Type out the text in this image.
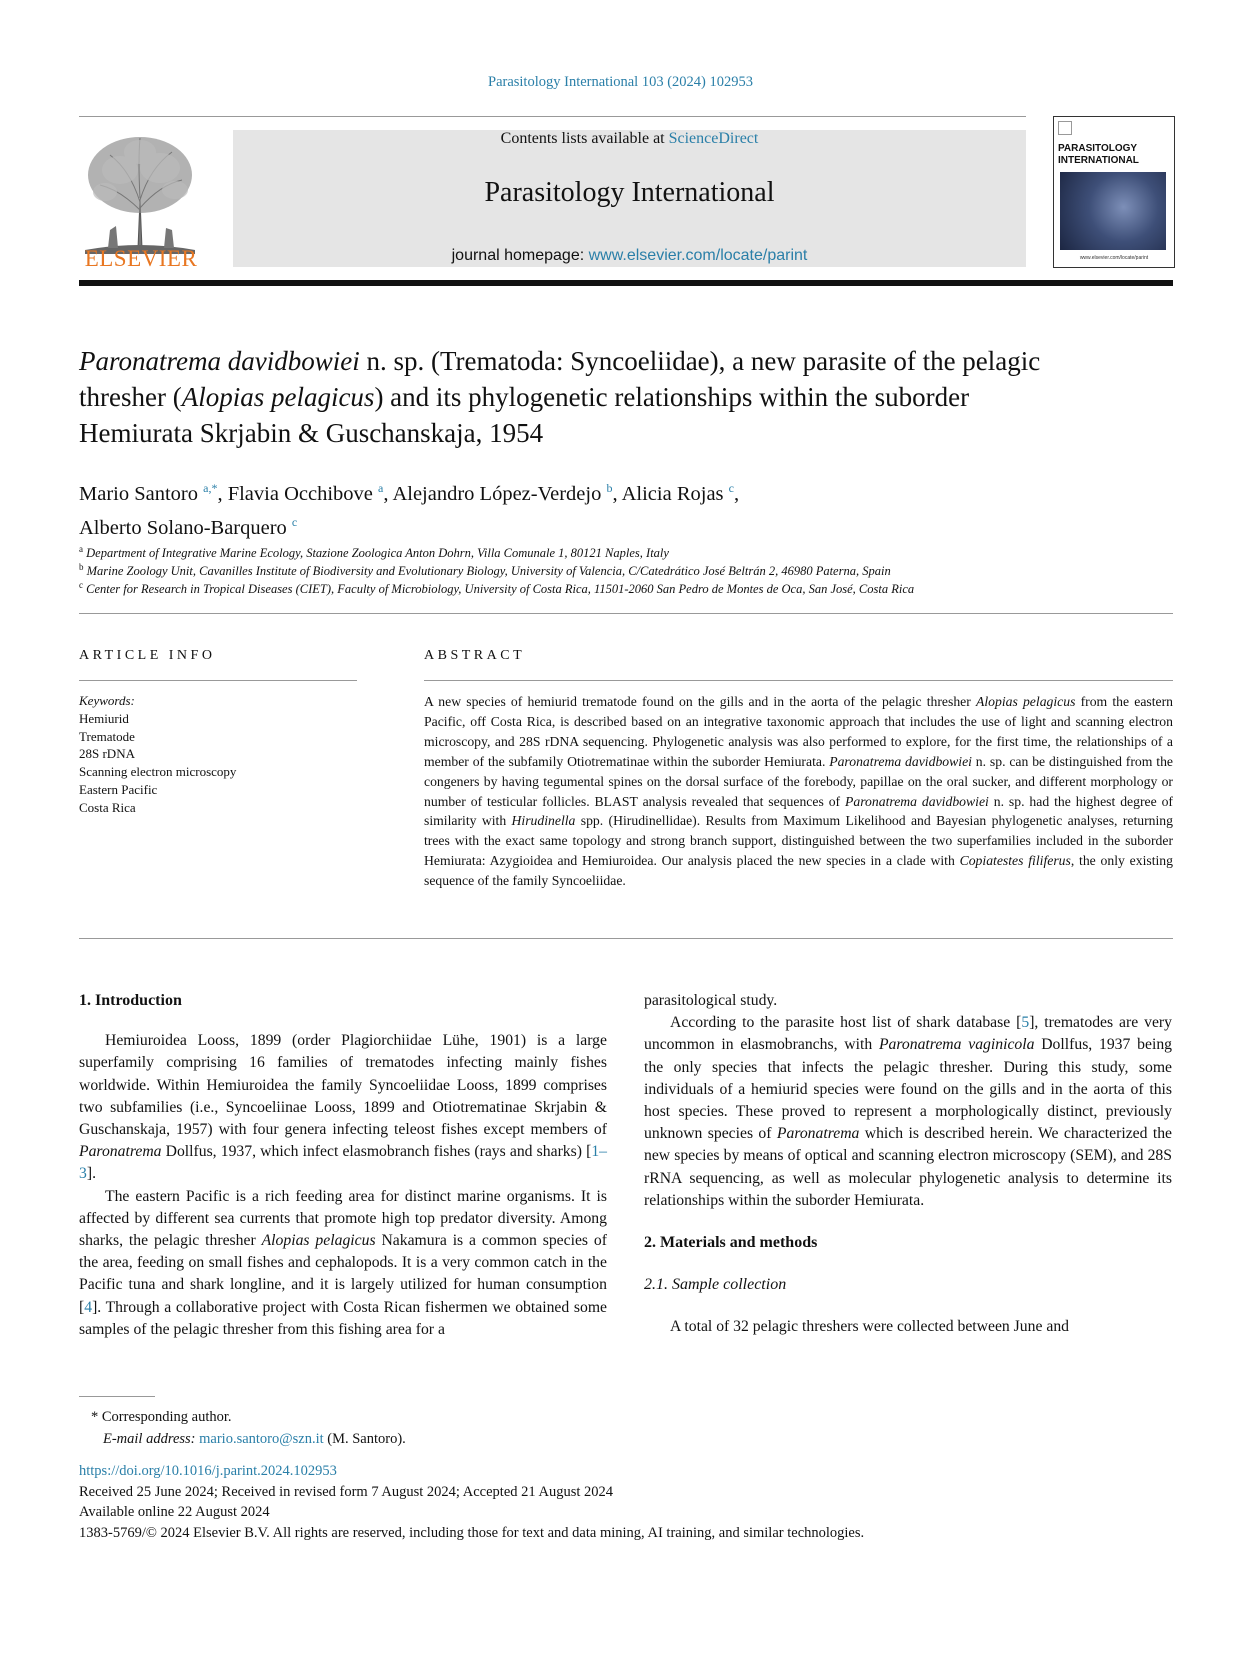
Parasitology International 103 (2024) 102953
ELSEVIER
Contents lists available at ScienceDirect
Parasitology International
journal homepage: www.elsevier.com/locate/parint
PARASITOLOGY
INTERNATIONAL
www.elsevier.com/locate/parint
Paronatrema davidbowiei n. sp. (Trematoda: Syncoeliidae), a new parasite of the pelagic thresher (Alopias pelagicus) and its phylogenetic relationships within the suborder Hemiurata Skrjabin & Guschanskaja, 1954
Mario Santoro $^{a,*}$, Flavia Occhibove $^a$, Alejandro López-Verdejo $^b$, Alicia Rojas $^c$,
Alberto Solano-Barquero $^c$
$^a$ Department of Integrative Marine Ecology, Stazione Zoologica Anton Dohrn, Villa Comunale 1, 80121 Naples, Italy
$^b$ Marine Zoology Unit, Cavanilles Institute of Biodiversity and Evolutionary Biology, University of Valencia, C/Catedrático José Beltrán 2, 46980 Paterna, Spain
$^c$ Center for Research in Tropical Diseases (CIET), Faculty of Microbiology, University of Costa Rica, 11501-2060 San Pedro de Montes de Oca, San José, Costa Rica
ARTICLE INFO
Keywords:
Hemiurid
Trematode
28S rDNA
Scanning electron microscopy
Eastern Pacific
Costa Rica
ABSTRACT
A new species of hemiurid trematode found on the gills and in the aorta of the pelagic thresher Alopias pelagicus from the eastern Pacific, off Costa Rica, is described based on an integrative taxonomic approach that includes the use of light and scanning electron microscopy, and 28S rDNA sequencing. Phylogenetic analysis was also performed to explore, for the first time, the relationships of a member of the subfamily Otiotrematinae within the suborder Hemiurata. Paronatrema davidbowiei n. sp. can be distinguished from the congeners by having tegumental spines on the dorsal surface of the forebody, papillae on the oral sucker, and different morphology or number of testicular follicles. BLAST analysis revealed that sequences of Paronatrema davidbowiei n. sp. had the highest degree of similarity with Hirudinella spp. (Hirudinellidae). Results from Maximum Likelihood and Bayesian phylogenetic analyses, returning trees with the exact same topology and strong branch support, distinguished between the two superfamilies included in the suborder Hemiurata: Azygioidea and Hemiuroidea. Our analysis placed the new species in a clade with Copiatestes filiferus, the only existing sequence of the family Syncoeliidae.

1. Introduction

Hemiuroidea Looss, 1899 (order Plagiorchiidae Lühe, 1901) is a large superfamily comprising 16 families of trematodes infecting mainly fishes worldwide. Within Hemiuroidea the family Syncoeliidae Looss, 1899 comprises two subfamilies (i.e., Syncoeliinae Looss, 1899 and Otiotrematinae Skrjabin & Guschanskaja, 1957) with four genera infecting teleost fishes except members of Paronatrema Dollfus, 1937, which infect elasmobranch fishes (rays and sharks) [1–3].

The eastern Pacific is a rich feeding area for distinct marine organisms. It is affected by different sea currents that promote high top predator diversity. Among sharks, the pelagic thresher Alopias pelagicus Nakamura is a common species of the area, feeding on small fishes and cephalopods. It is a very common catch in the Pacific tuna and shark longline, and it is largely utilized for human consumption [4]. Through a collaborative project with Costa Rican fishermen we obtained some samples of the pelagic thresher from this fishing area for a

parasitological study.

According to the parasite host list of shark database [5], trematodes are very uncommon in elasmobranchs, with Paronatrema vaginicola Dollfus, 1937 being the only species that infects the pelagic thresher. During this study, some individuals of a hemiurid species were found on the gills and in the aorta of this host species. These proved to represent a morphologically distinct, previously unknown species of Paronatrema which is described herein. We characterized the new species by means of optical and scanning electron microscopy (SEM), and 28S rRNA sequencing, as well as molecular phylogenetic analysis to determine its relationships within the suborder Hemiurata.

2. Materials and methods

2.1. Sample collection

A total of 32 pelagic threshers were collected between June and

* Corresponding author.
E-mail address: mario.santoro@szn.it (M. Santoro).
https://doi.org/10.1016/j.parint.2024.102953
Received 25 June 2024; Received in revised form 7 August 2024; Accepted 21 August 2024
Available online 22 August 2024
1383-5769/© 2024 Elsevier B.V. All rights are reserved, including those for text and data mining, AI training, and similar technologies.
